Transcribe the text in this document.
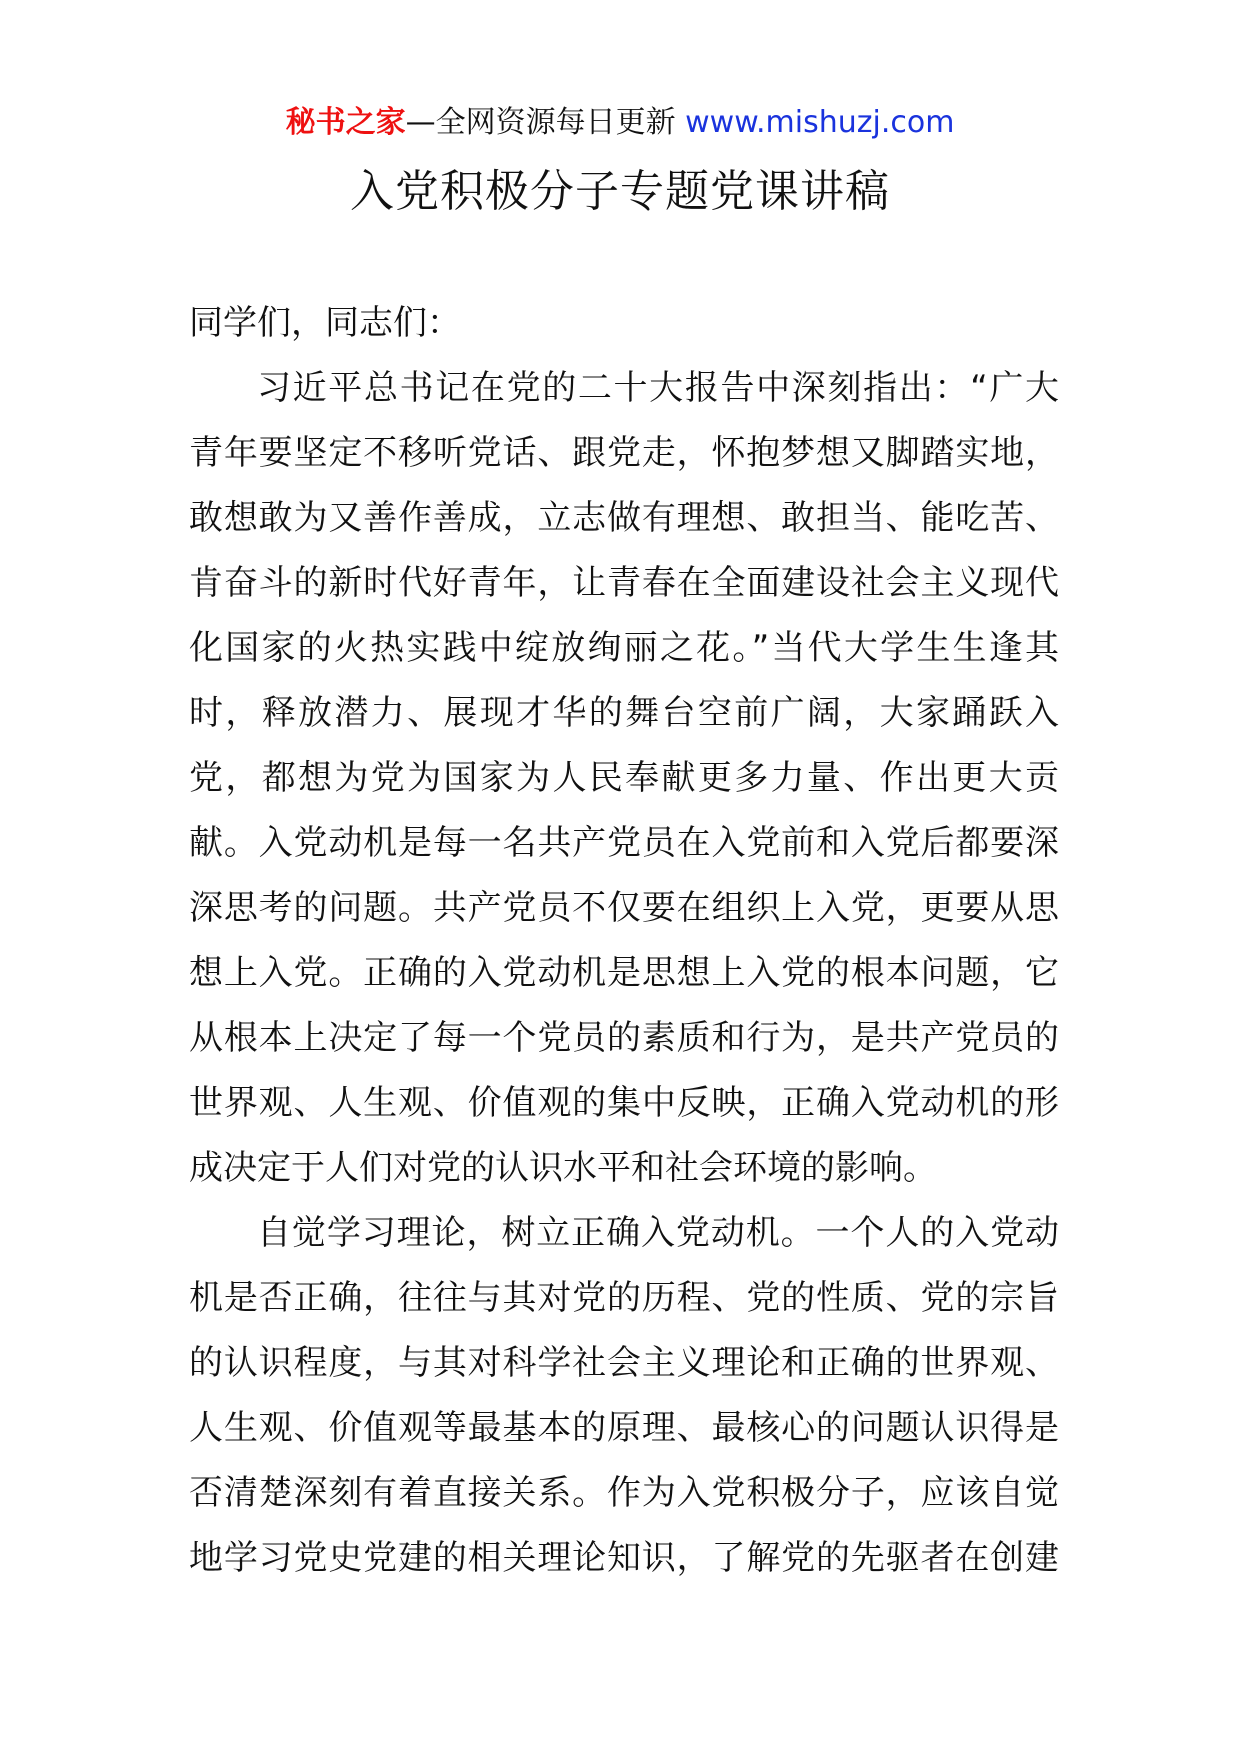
秘书之家—全网资源每日更新 www.mishuzj.com
入党积极分子专题党课讲稿
同学们，同志们：
习近平总书记在党的二十大报告中深刻指出：“广大
青年要坚定不移听党话、跟党走，怀抱梦想又脚踏实地，
敢想敢为又善作善成，立志做有理想、敢担当、能吃苦、
肯奋斗的新时代好青年，让青春在全面建设社会主义现代
化国家的火热实践中绽放绚丽之花。”当代大学生生逢其
时，释放潜力、展现才华的舞台空前广阔，大家踊跃入
党，都想为党为国家为人民奉献更多力量、作出更大贡
献。入党动机是每一名共产党员在入党前和入党后都要深
深思考的问题。共产党员不仅要在组织上入党，更要从思
想上入党。正确的入党动机是思想上入党的根本问题，它
从根本上决定了每一个党员的素质和行为，是共产党员的
世界观、人生观、价值观的集中反映，正确入党动机的形
成决定于人们对党的认识水平和社会环境的影响。
自觉学习理论，树立正确入党动机。一个人的入党动
机是否正确，往往与其对党的历程、党的性质、党的宗旨
的认识程度，与其对科学社会主义理论和正确的世界观、
人生观、价值观等最基本的原理、最核心的问题认识得是
否清楚深刻有着直接关系。作为入党积极分子，应该自觉
地学习党史党建的相关理论知识，了解党的先驱者在创建
